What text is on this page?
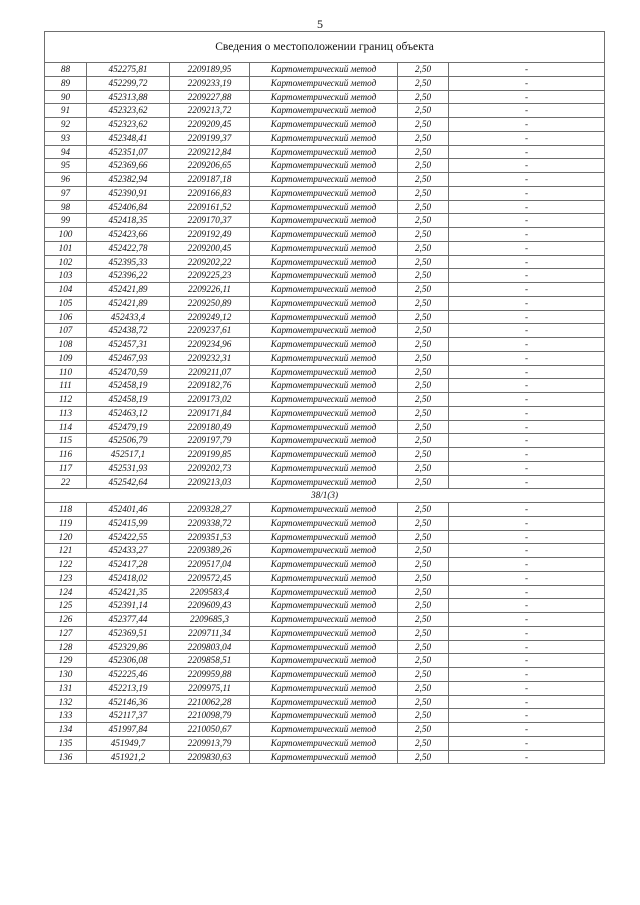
5
Сведения о местоположении границ объекта					
88	452275,81	2209189,95	Картометрический метод	2,50	-
89	452299,72	2209233,19	Картометрический метод	2,50	-
90	452313,88	2209227,88	Картометрический метод	2,50	-
91	452323,62	2209213,72	Картометрический метод	2,50	-
92	452323,62	2209209,45	Картометрический метод	2,50	-
93	452348,41	2209199,37	Картометрический метод	2,50	-
94	452351,07	2209212,84	Картометрический метод	2,50	-
95	452369,66	2209206,65	Картометрический метод	2,50	-
96	452382,94	2209187,18	Картометрический метод	2,50	-
97	452390,91	2209166,83	Картометрический метод	2,50	-
98	452406,84	2209161,52	Картометрический метод	2,50	-
99	452418,35	2209170,37	Картометрический метод	2,50	-
100	452423,66	2209192,49	Картометрический метод	2,50	-
101	452422,78	2209200,45	Картометрический метод	2,50	-
102	452395,33	2209202,22	Картометрический метод	2,50	-
103	452396,22	2209225,23	Картометрический метод	2,50	-
104	452421,89	2209226,11	Картометрический метод	2,50	-
105	452421,89	2209250,89	Картометрический метод	2,50	-
106	452433,4	2209249,12	Картометрический метод	2,50	-
107	452438,72	2209237,61	Картометрический метод	2,50	-
108	452457,31	2209234,96	Картометрический метод	2,50	-
109	452467,93	2209232,31	Картометрический метод	2,50	-
110	452470,59	2209211,07	Картометрический метод	2,50	-
111	452458,19	2209182,76	Картометрический метод	2,50	-
112	452458,19	2209173,02	Картометрический метод	2,50	-
113	452463,12	2209171,84	Картометрический метод	2,50	-
114	452479,19	2209180,49	Картометрический метод	2,50	-
115	452506,79	2209197,79	Картометрический метод	2,50	-
116	452517,1	2209199,85	Картометрический метод	2,50	-
117	452531,93	2209202,73	Картометрический метод	2,50	-
22	452542,64	2209213,03	Картометрический метод	2,50	-
38/1(3)					
118	452401,46	2209328,27	Картометрический метод	2,50	-
119	452415,99	2209338,72	Картометрический метод	2,50	-
120	452422,55	2209351,53	Картометрический метод	2,50	-
121	452433,27	2209389,26	Картометрический метод	2,50	-
122	452417,28	2209517,04	Картометрический метод	2,50	-
123	452418,02	2209572,45	Картометрический метод	2,50	-
124	452421,35	2209583,4	Картометрический метод	2,50	-
125	452391,14	2209609,43	Картометрический метод	2,50	-
126	452377,44	2209685,3	Картометрический метод	2,50	-
127	452369,51	2209711,34	Картометрический метод	2,50	-
128	452329,86	2209803,04	Картометрический метод	2,50	-
129	452306,08	2209858,51	Картометрический метод	2,50	-
130	452225,46	2209959,88	Картометрический метод	2,50	-
131	452213,19	2209975,11	Картометрический метод	2,50	-
132	452146,36	2210062,28	Картометрический метод	2,50	-
133	452117,37	2210098,79	Картометрический метод	2,50	-
134	451997,84	2210050,67	Картометрический метод	2,50	-
135	451949,7	2209913,79	Картометрический метод	2,50	-
136	451921,2	2209830,63	Картометрический метод	2,50	-
